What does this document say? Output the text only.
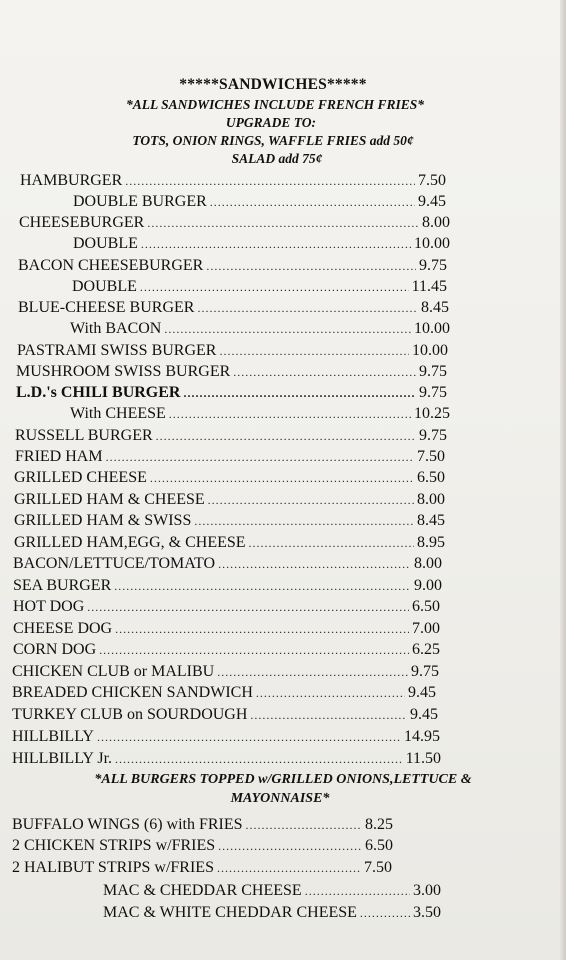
*****SANDWICHES*****
*ALL SANDWICHES INCLUDE FRENCH FRIES*
UPGRADE TO:
TOTS, ONION RINGS, WAFFLE FRIES add 50¢
SALAD add 75¢
HAMBURGER .....	7.50
DOUBLE BURGER .....	9.45
CHEESEBURGER .....	8.00
DOUBLE .....	10.00
BACON CHEESEBURGER .....	9.75
DOUBLE .....	11.45
BLUE-CHEESE BURGER .....	8.45
With BACON .....	10.00
PASTRAMI SWISS BURGER .....	10.00
MUSHROOM SWISS BURGER .....	9.75
L.D.'s CHILI BURGER .....	9.75
With CHEESE .....	10.25
RUSSELL BURGER .....	9.75
FRIED HAM .....	7.50
GRILLED CHEESE .....	6.50
GRILLED HAM & CHEESE .....	8.00
GRILLED HAM & SWISS .....	8.45
GRILLED HAM,EGG, & CHEESE .....	8.95
BACON/LETTUCE/TOMATO .....	8.00
SEA BURGER .....	9.00
HOT DOG .....	6.50
CHEESE DOG .....	7.00
CORN DOG .....	6.25
CHICKEN CLUB or MALIBU .....	9.75
BREADED CHICKEN SANDWICH .....	9.45
TURKEY CLUB on SOURDOUGH .....	9.45
HILLBILLY .....	14.95
HILLBILLY Jr. .....	11.50
*ALL BURGERS TOPPED w/GRILLED ONIONS,LETTUCE &
MAYONNAISE*
BUFFALO WINGS (6) with FRIES .....	8.25
2 CHICKEN STRIPS w/FRIES .....	6.50
2 HALIBUT STRIPS w/FRIES .....	7.50
MAC & CHEDDAR CHEESE .....	3.00
MAC & WHITE CHEDDAR CHEESE .....	3.50
